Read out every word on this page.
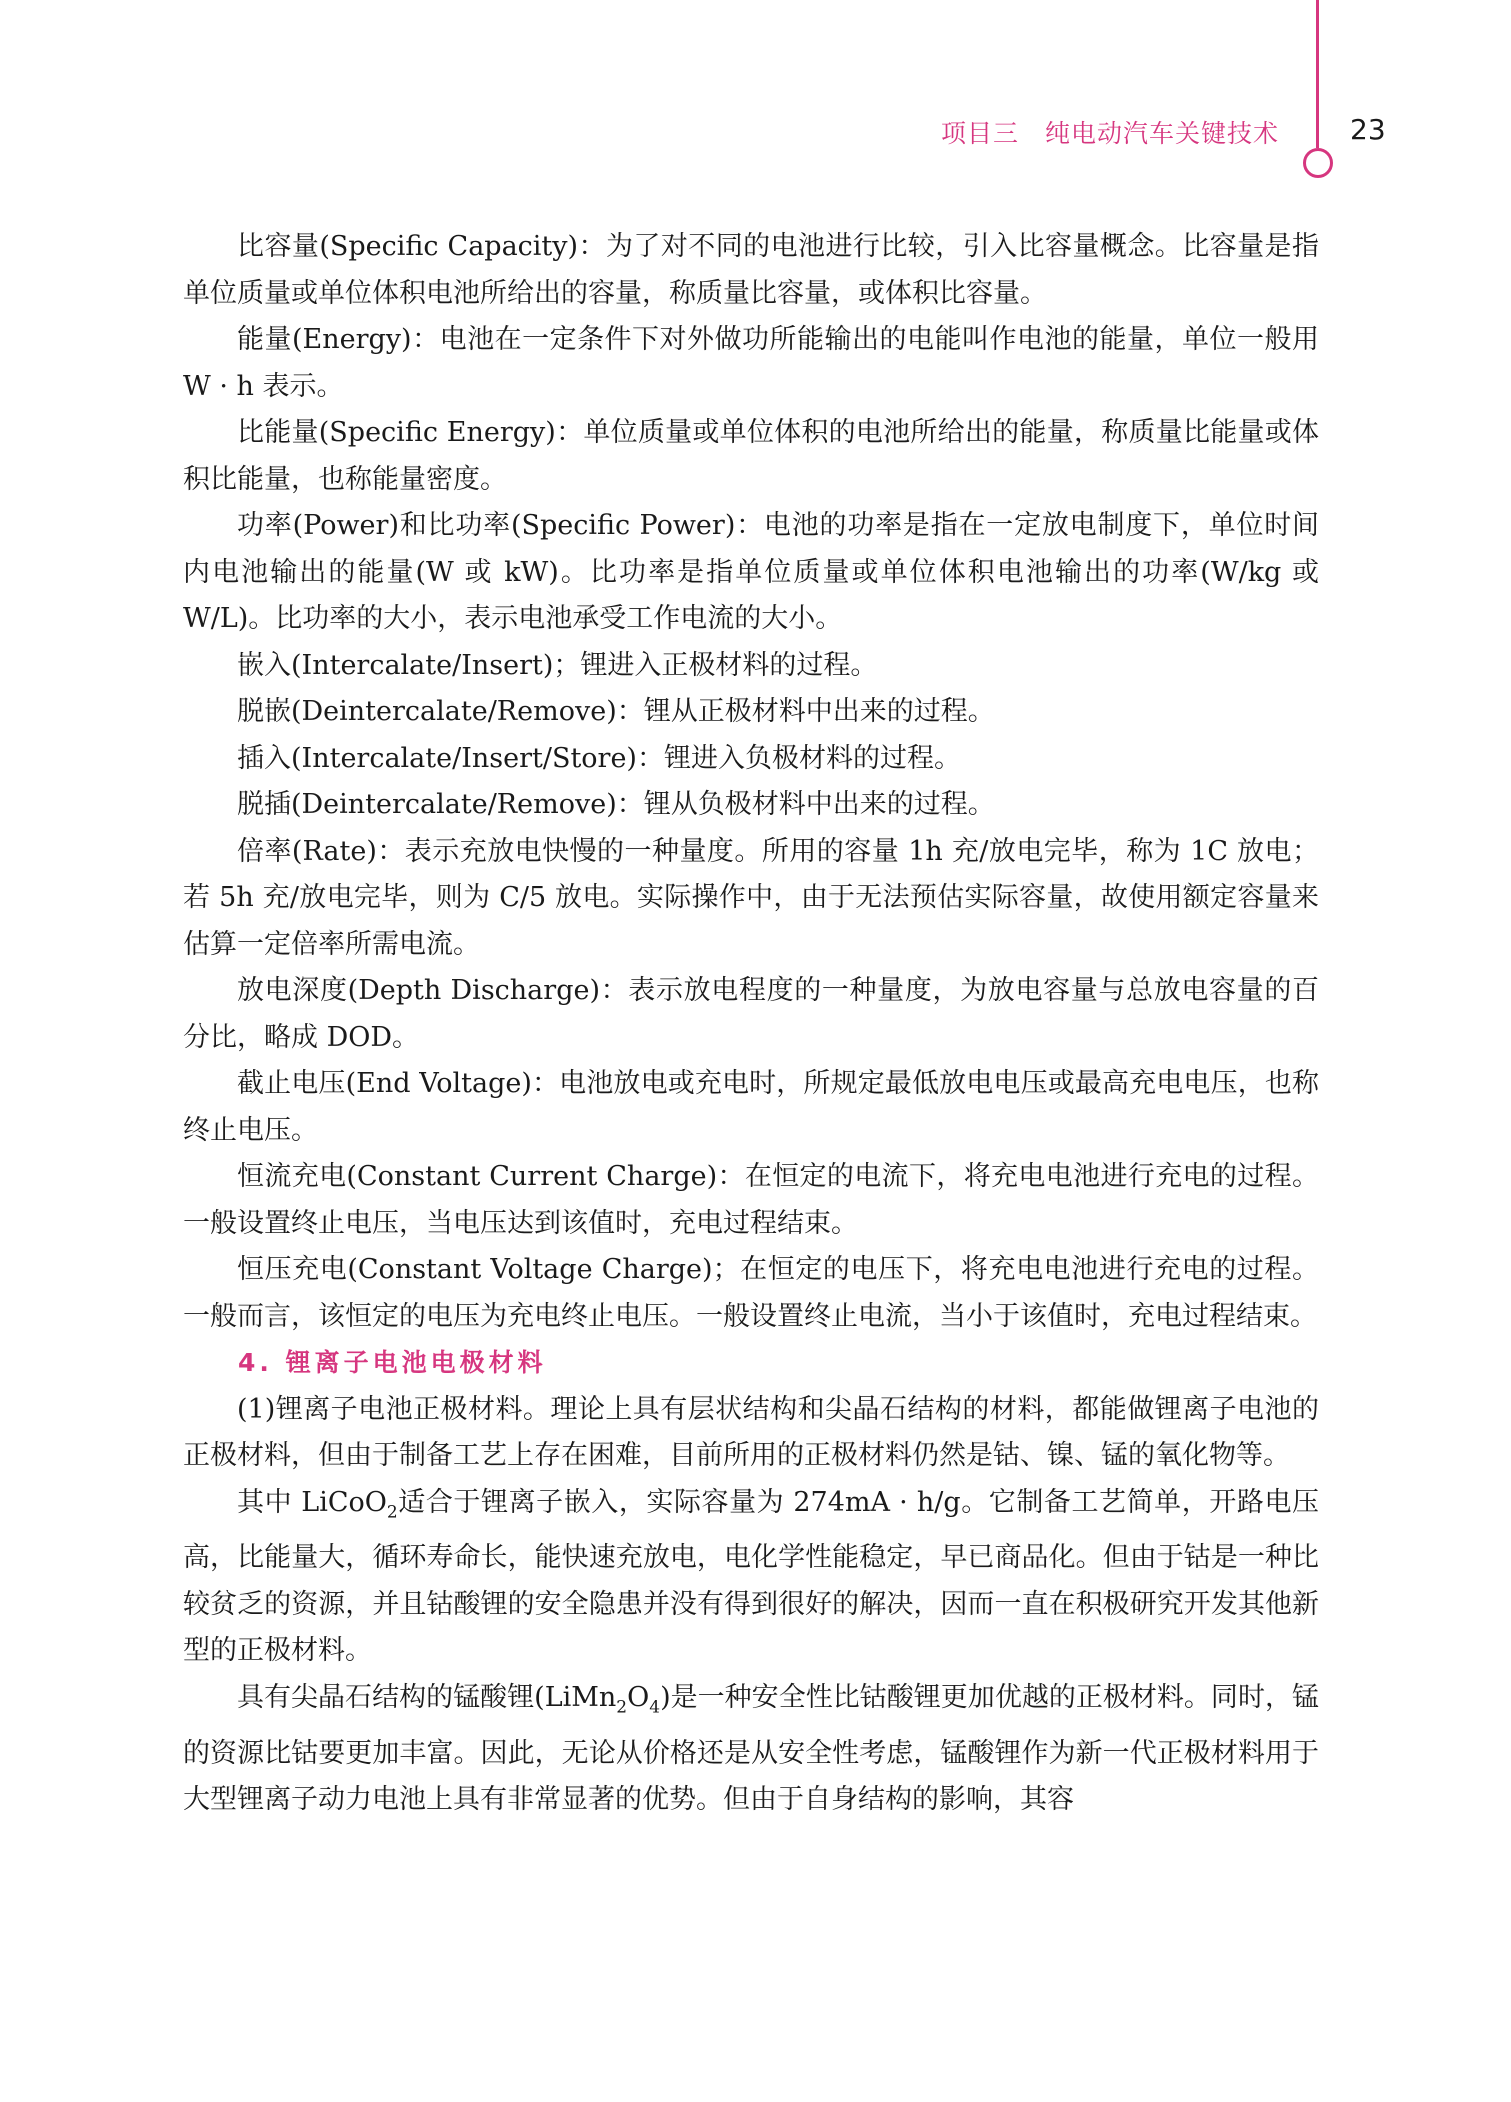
项目三　纯电动汽车关键技术	23

比容量(Specific Capacity)：为了对不同的电池进行比较，引入比容量概念。比容量是指单位质量或单位体积电池所给出的容量，称质量比容量，或体积比容量。

能量(Energy)：电池在一定条件下对外做功所能输出的电能叫作电池的能量，单位一般用 W · h 表示。

比能量(Specific Energy)：单位质量或单位体积的电池所给出的能量，称质量比能量或体积比能量，也称能量密度。

功率(Power)和比功率(Specific Power)：电池的功率是指在一定放电制度下，单位时间内电池输出的能量(W 或 kW)。比功率是指单位质量或单位体积电池输出的功率(W/kg 或 W/L)。比功率的大小，表示电池承受工作电流的大小。

嵌入(Intercalate/Insert)；锂进入正极材料的过程。

脱嵌(Deintercalate/Remove)：锂从正极材料中出来的过程。

插入(Intercalate/Insert/Store)：锂进入负极材料的过程。

脱插(Deintercalate/Remove)：锂从负极材料中出来的过程。

倍率(Rate)：表示充放电快慢的一种量度。所用的容量 1h 充/放电完毕，称为 1C 放电；若 5h 充/放电完毕，则为 C/5 放电。实际操作中，由于无法预估实际容量，故使用额定容量来估算一定倍率所需电流。

放电深度(Depth Discharge)：表示放电程度的一种量度，为放电容量与总放电容量的百分比，略成 DOD。

截止电压(End Voltage)：电池放电或充电时，所规定最低放电电压或最高充电电压，也称终止电压。

恒流充电(Constant Current Charge)：在恒定的电流下，将充电电池进行充电的过程。一般设置终止电压，当电压达到该值时，充电过程结束。

恒压充电(Constant Voltage Charge)；在恒定的电压下，将充电电池进行充电的过程。一般而言，该恒定的电压为充电终止电压。一般设置终止电流，当小于该值时，充电过程结束。

4. 锂离子电池电极材料

(1)锂离子电池正极材料。理论上具有层状结构和尖晶石结构的材料，都能做锂离子电池的正极材料，但由于制备工艺上存在困难，目前所用的正极材料仍然是钴、镍、锰的氧化物等。

其中 LiCoO$_2$适合于锂离子嵌入，实际容量为 274mA · h/g。它制备工艺简单，开路电压高，比能量大，循环寿命长，能快速充放电，电化学性能稳定，早已商品化。但由于钴是一种比较贫乏的资源，并且钴酸锂的安全隐患并没有得到很好的解决，因而一直在积极研究开发其他新型的正极材料。

具有尖晶石结构的锰酸锂$(LiMn_2O_4)$是一种安全性比钴酸锂更加优越的正极材料。同时，锰的资源比钴要更加丰富。因此，无论从价格还是从安全性考虑，锰酸锂作为新一代正极材料用于大型锂离子动力电池上具有非常显著的优势。但由于自身结构的影响，其容
